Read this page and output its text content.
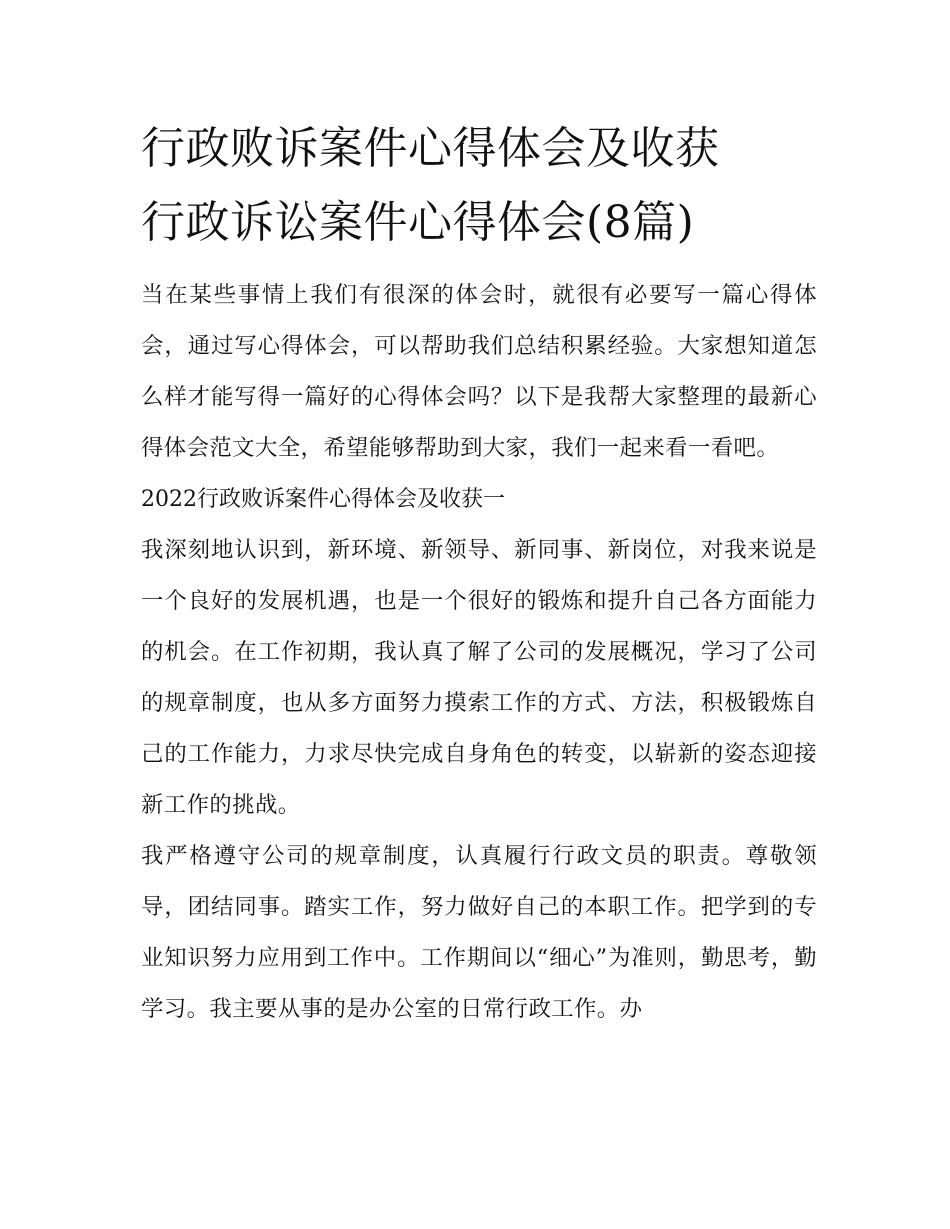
行政败诉案件心得体会及收获
行政诉讼案件心得体会(8篇)

当在某些事情上我们有很深的体会时，就很有必要写一篇心得体会，通过写心得体会，可以帮助我们总结积累经验。大家想知道怎么样才能写得一篇好的心得体会吗？以下是我帮大家整理的最新心得体会范文大全，希望能够帮助到大家，我们一起来看一看吧。

2022行政败诉案件心得体会及收获一

我深刻地认识到，新环境、新领导、新同事、新岗位，对我来说是一个良好的发展机遇，也是一个很好的锻炼和提升自己各方面能力的机会。在工作初期，我认真了解了公司的发展概况，学习了公司的规章制度，也从多方面努力摸索工作的方式、方法，积极锻炼自己的工作能力，力求尽快完成自身角色的转变，以崭新的姿态迎接新工作的挑战。

我严格遵守公司的规章制度，认真履行行政文员的职责。尊敬领导，团结同事。踏实工作，努力做好自己的本职工作。把学到的专业知识努力应用到工作中。工作期间以“细心”为准则，勤思考，勤学习。我主要从事的是办公室的日常行政工作。办
